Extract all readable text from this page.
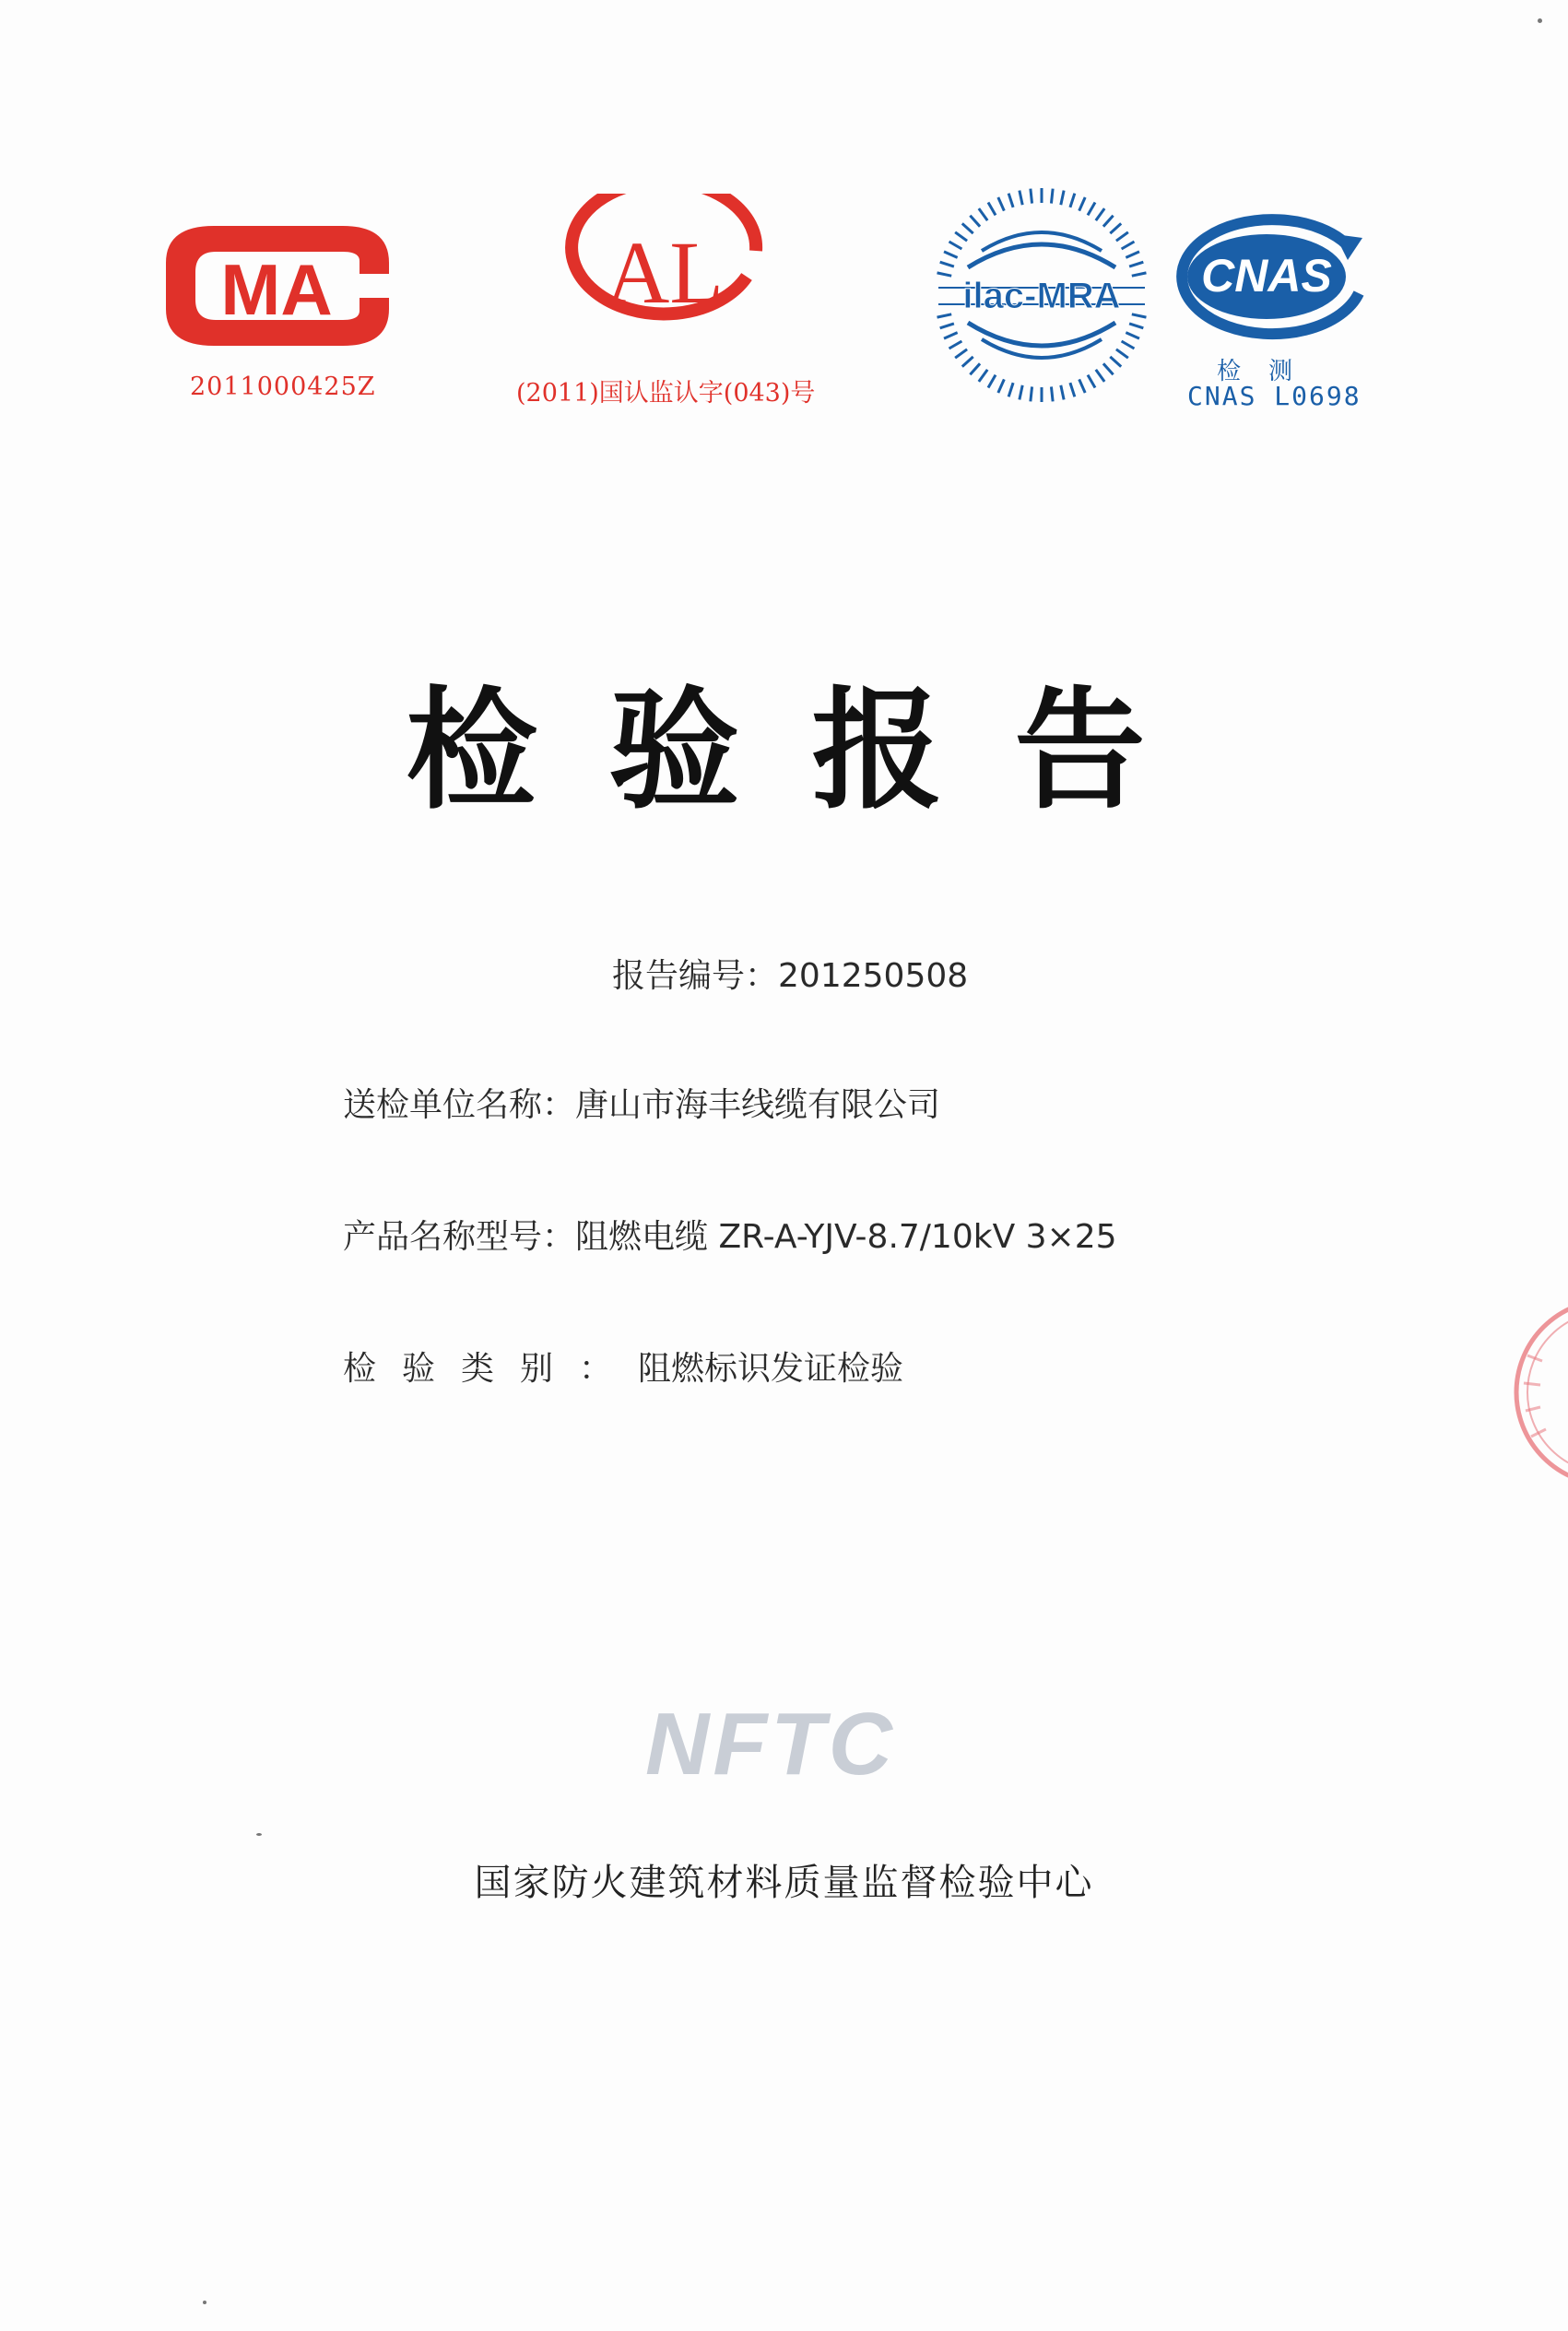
MA
2011000425Z
AL
(2011)国认监认字(043)号
ilac-MRA CNAS
检测
CNAS L0698
检验报告
报告编号：201250508
送检单位名称：唐山市海丰线缆有限公司
产品名称型号：阻燃电缆 ZR-A-YJV-8.7/10kV 3×25
检验类别：阻燃标识发证检验
NFTC
国家防火建筑材料质量监督检验中心
